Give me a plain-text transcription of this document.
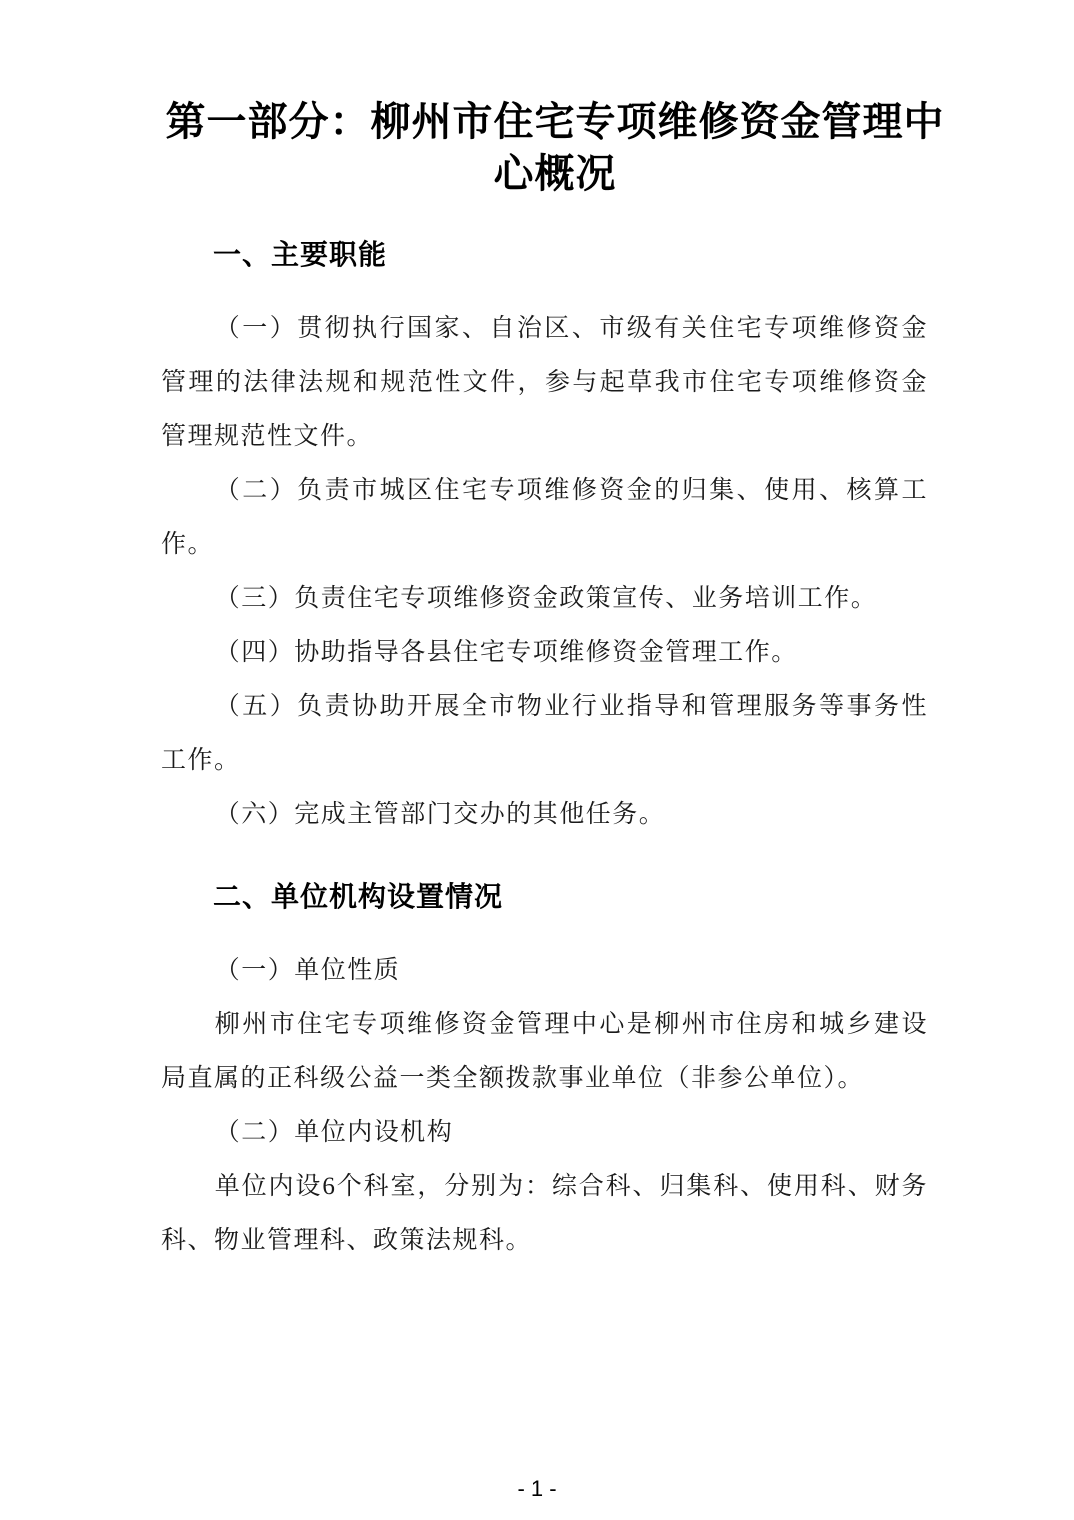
第一部分：柳州市住宅专项维修资金管理中心概况
一、主要职能

（一）贯彻执行国家、自治区、市级有关住宅专项维修资金管理的法律法规和规范性文件，参与起草我市住宅专项维修资金管理规范性文件。

（二）负责市城区住宅专项维修资金的归集、使用、核算工作。

（三）负责住宅专项维修资金政策宣传、业务培训工作。

（四）协助指导各县住宅专项维修资金管理工作。

（五）负责协助开展全市物业行业指导和管理服务等事务性工作。

（六）完成主管部门交办的其他任务。

二、单位机构设置情况

（一）单位性质

柳州市住宅专项维修资金管理中心是柳州市住房和城乡建设局直属的正科级公益一类全额拨款事业单位（非参公单位）。

（二）单位内设机构

单位内设6个科室，分别为：综合科、归集科、使用科、财务科、物业管理科、政策法规科。

- 1 -
